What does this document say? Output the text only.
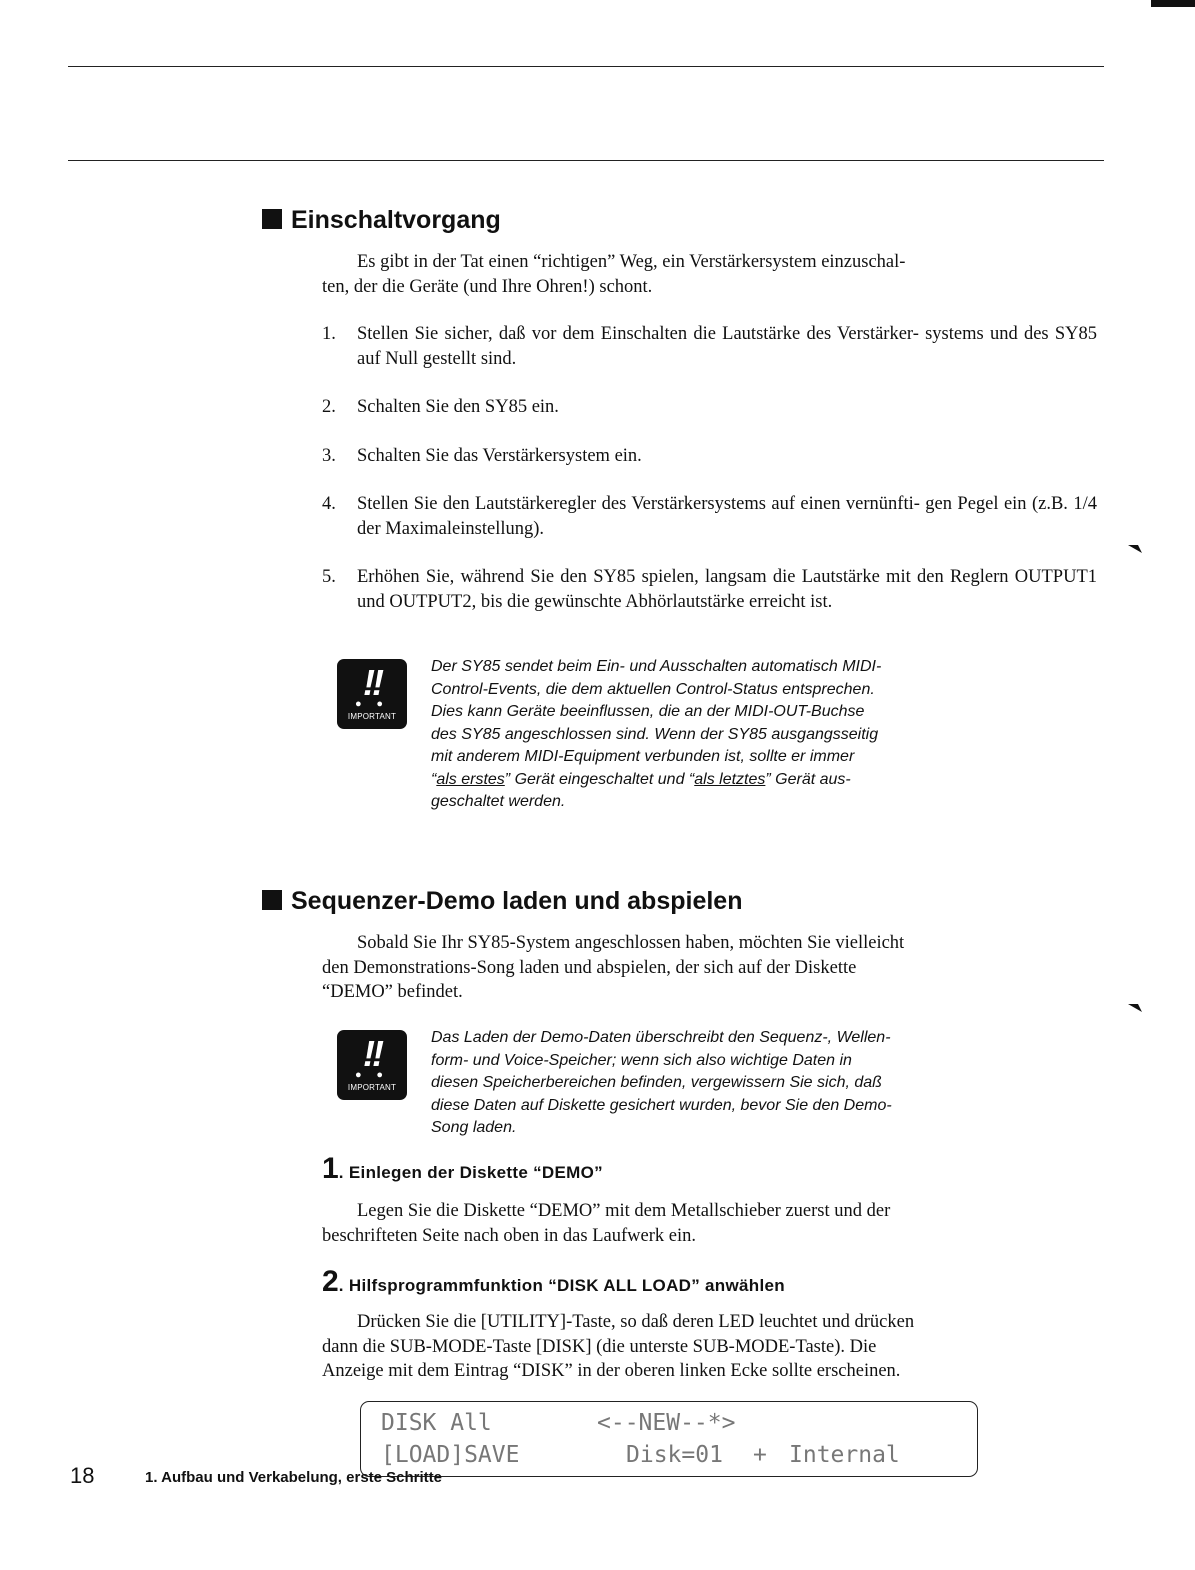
Einschaltvorgang

Es gibt in der Tat einen “richtigen” Weg, ein Verstärkersystem einzuschal-
ten, der die Geräte (und Ihre Ohren!) schont.

1. Stellen Sie sicher, daß vor dem Einschalten die Lautstärke des Verstärker- systems und des SY85 auf Null gestellt sind.
2. Schalten Sie den SY85 ein.
3. Schalten Sie das Verstärkersystem ein.
4. Stellen Sie den Lautstärkeregler des Verstärkersystems auf einen vernünfti- gen Pegel ein (z.B. 1/4 der Maximaleinstellung).
5. Erhöhen Sie, während Sie den SY85 spielen, langsam die Lautstärke mit den Reglern OUTPUT1 und OUTPUT2, bis die gewünschte Abhörlautstärke erreicht ist.
!!
● ●
IMPORTANT
Der SY85 sendet beim Ein- und Ausschalten automatisch MIDI-
Control-Events, die dem aktuellen Control-Status entsprechen.
Dies kann Geräte beeinflussen, die an der MIDI-OUT-Buchse
des SY85 angeschlossen sind. Wenn der SY85 ausgangsseitig
mit anderem MIDI-Equipment verbunden ist, sollte er immer
“als erstes” Gerät eingeschaltet und “als letztes” Gerät aus-
geschaltet werden.
Sequenzer-Demo laden und abspielen

Sobald Sie Ihr SY85-System angeschlossen haben, möchten Sie vielleicht
den Demonstrations-Song laden und abspielen, der sich auf der Diskette
“DEMO” befindet.

!!
● ●
IMPORTANT
Das Laden der Demo-Daten überschreibt den Sequenz-, Wellen-
form- und Voice-Speicher; wenn sich also wichtige Daten in
diesen Speicherbereichen befinden, vergewissern Sie sich, daß
diese Daten auf Diskette gesichert wurden, bevor Sie den Demo-
Song laden.
1. Einlegen der Diskette “DEMO”

Legen Sie die Diskette “DEMO” mit dem Metallschieber zuerst und der
beschrifteten Seite nach oben in das Laufwerk ein.

2. Hilfsprogrammfunktion “DISK ALL LOAD” anwählen

Drücken Sie die [UTILITY]-Taste, so daß deren LED leuchtet und drücken
dann die SUB-MODE-Taste [DISK] (die unterste SUB-MODE-Taste). Die
Anzeige mit dem Eintrag “DISK” in der oberen linken Ecke sollte erscheinen.

DISK All	<--NEW--*>
[LOAD]SAVE	Disk=01 + Internal
18	1. Aufbau und Verkabelung, erste Schritte
